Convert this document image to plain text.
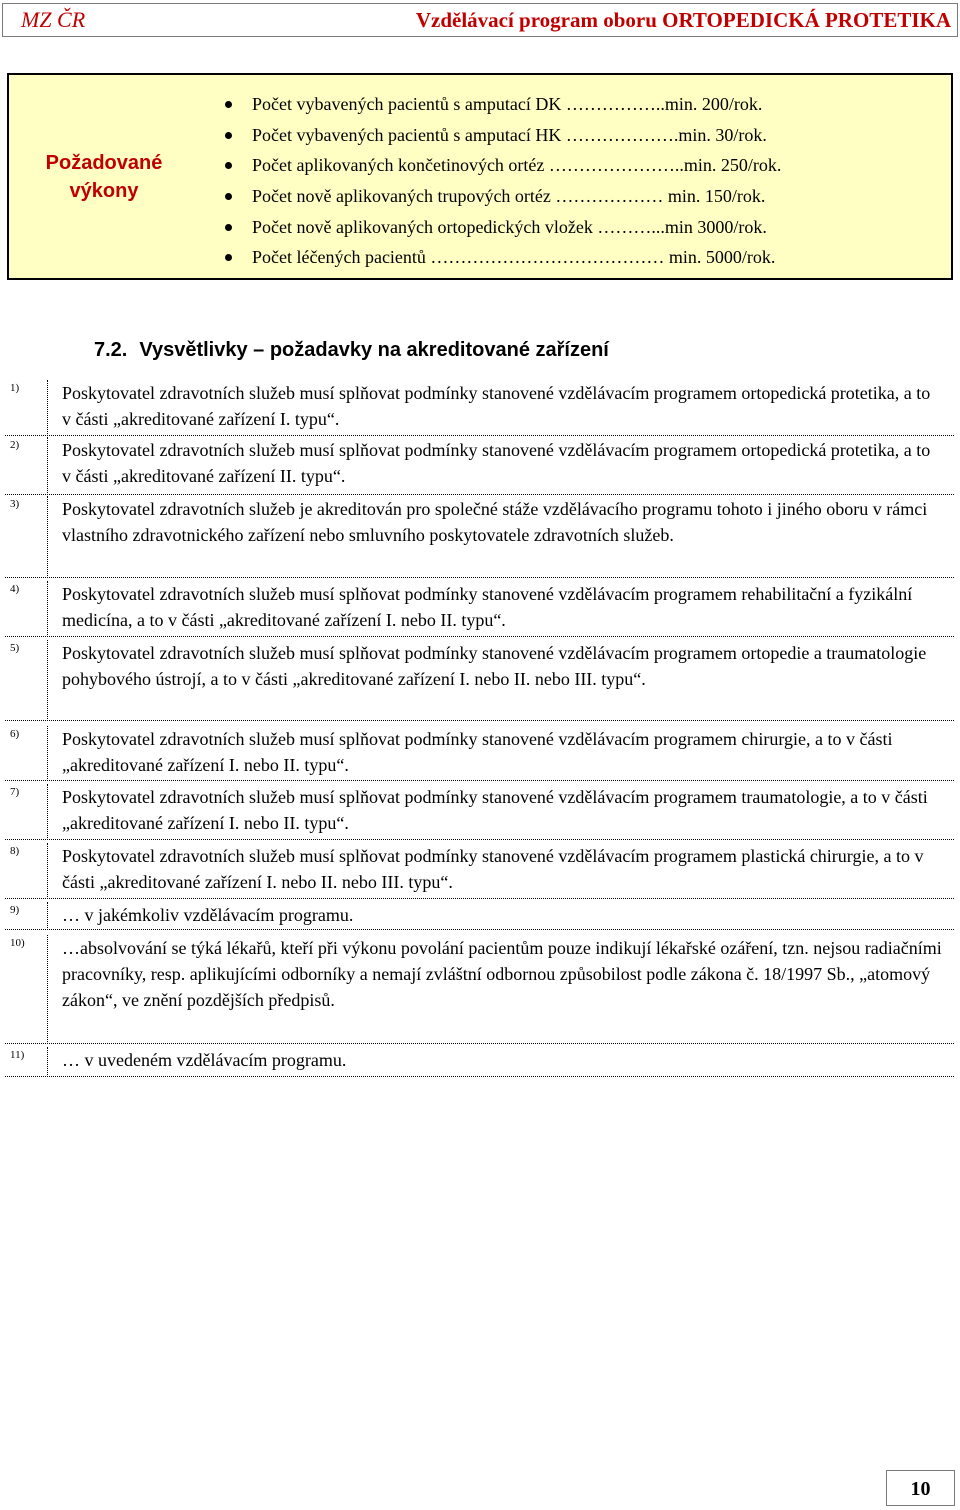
MZ ČR	Vzdělávací program oboru ORTOPEDICKÁ PROTETIKA
Požadované
výkony
Počet vybavených pacientů s amputací DK ……………..min. 200/rok.
Počet vybavených pacientů s amputací HK ……………….min. 30/rok.
Počet aplikovaných končetinových ortéz …………………..min. 250/rok.
Počet nově aplikovaných trupových ortéz ……………… min. 150/rok.
Počet nově aplikovaných ortopedických vložek ………...min 3000/rok.
Počet léčených pacientů ………………………………… min. 5000/rok.
7.2. Vysvětlivky – požadavky na akreditované zařízení
1)	Poskytovatel zdravotních služeb musí splňovat podmínky stanovené vzdělávacím programem ortopedická protetika, a to v části „akreditované zařízení I. typu“.
2)	Poskytovatel zdravotních služeb musí splňovat podmínky stanovené vzdělávacím programem ortopedická protetika, a to v části „akreditované zařízení II. typu“.
3)	Poskytovatel zdravotních služeb je akreditován pro společné stáže vzdělávacího programu tohoto i jiného oboru v rámci vlastního zdravotnického zařízení nebo smluvního poskytovatele zdravotních služeb.
4)	Poskytovatel zdravotních služeb musí splňovat podmínky stanovené vzdělávacím programem rehabilitační a fyzikální medicína, a to v části „akreditované zařízení I. nebo II. typu“.
5)	Poskytovatel zdravotních služeb musí splňovat podmínky stanovené vzdělávacím programem ortopedie a traumatologie pohybového ústrojí, a to v části „akreditované zařízení I. nebo II. nebo III. typu“.
6)	Poskytovatel zdravotních služeb musí splňovat podmínky stanovené vzdělávacím programem chirurgie, a to v části „akreditované zařízení I. nebo II. typu“.
7)	Poskytovatel zdravotních služeb musí splňovat podmínky stanovené vzdělávacím programem traumatologie, a to v části „akreditované zařízení I. nebo II. typu“.
8)	Poskytovatel zdravotních služeb musí splňovat podmínky stanovené vzdělávacím programem plastická chirurgie, a to v části „akreditované zařízení I. nebo II. nebo III. typu“.
9)	… v jakémkoliv vzdělávacím programu.
10)	…absolvování se týká lékařů, kteří při výkonu povolání pacientům pouze indikují lékařské ozáření, tzn. nejsou radiačními pracovníky, resp. aplikujícími odborníky a nemají zvláštní odbornou způsobilost podle zákona č. 18/1997 Sb., „atomový zákon“, ve znění pozdějších předpisů.
11)	… v uvedeném vzdělávacím programu.
10
